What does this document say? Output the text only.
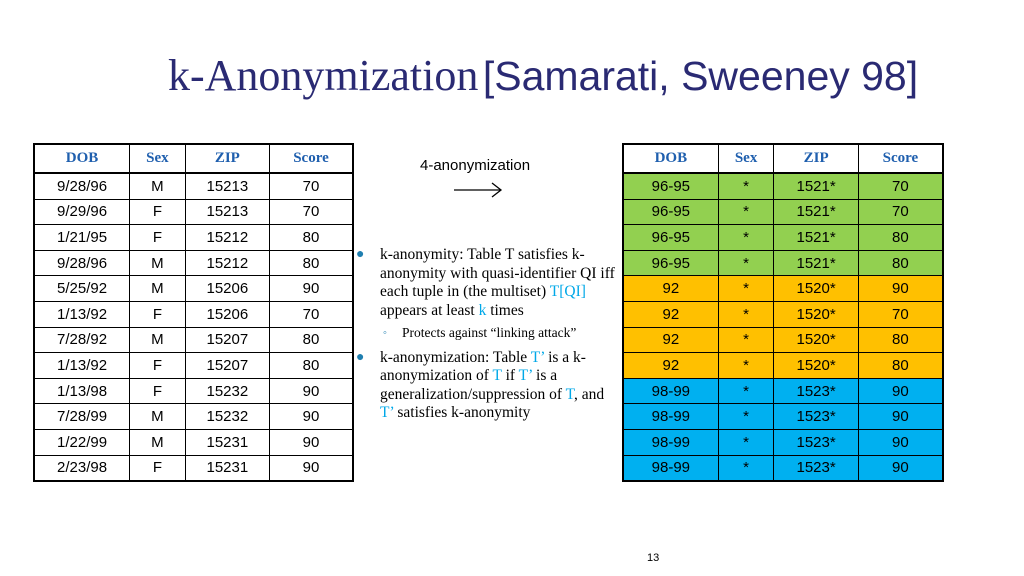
k-Anonymization [Samarati, Sweeney 98]
DOB	Sex	ZIP	Score
9/28/96	M	15213	70
9/29/96	F	15213	70
1/21/95	F	15212	80
9/28/96	M	15212	80
5/25/92	M	15206	90
1/13/92	F	15206	70
7/28/92	M	15207	80
1/13/92	F	15207	80
1/13/98	F	15232	90
7/28/99	M	15232	90
1/22/99	M	15231	90
2/23/98	F	15231	90
4-anonymization
● k-anonymity: Table T satisfies k-anonymity with quasi-identifier QI iff each tuple in (the multiset) T[QI] appears at least k times
◦ Protects against “linking attack”
● k-anonymization: Table T’ is a k-anonymization of T if T’ is a generalization/suppression of T, and T’ satisfies k-anonymity
DOB	Sex	ZIP	Score
96-95	*	1521*	70
96-95	*	1521*	70
96-95	*	1521*	80
96-95	*	1521*	80
92	*	1520*	90
92	*	1520*	70
92	*	1520*	80
92	*	1520*	80
98-99	*	1523*	90
98-99	*	1523*	90
98-99	*	1523*	90
98-99	*	1523*	90
13
